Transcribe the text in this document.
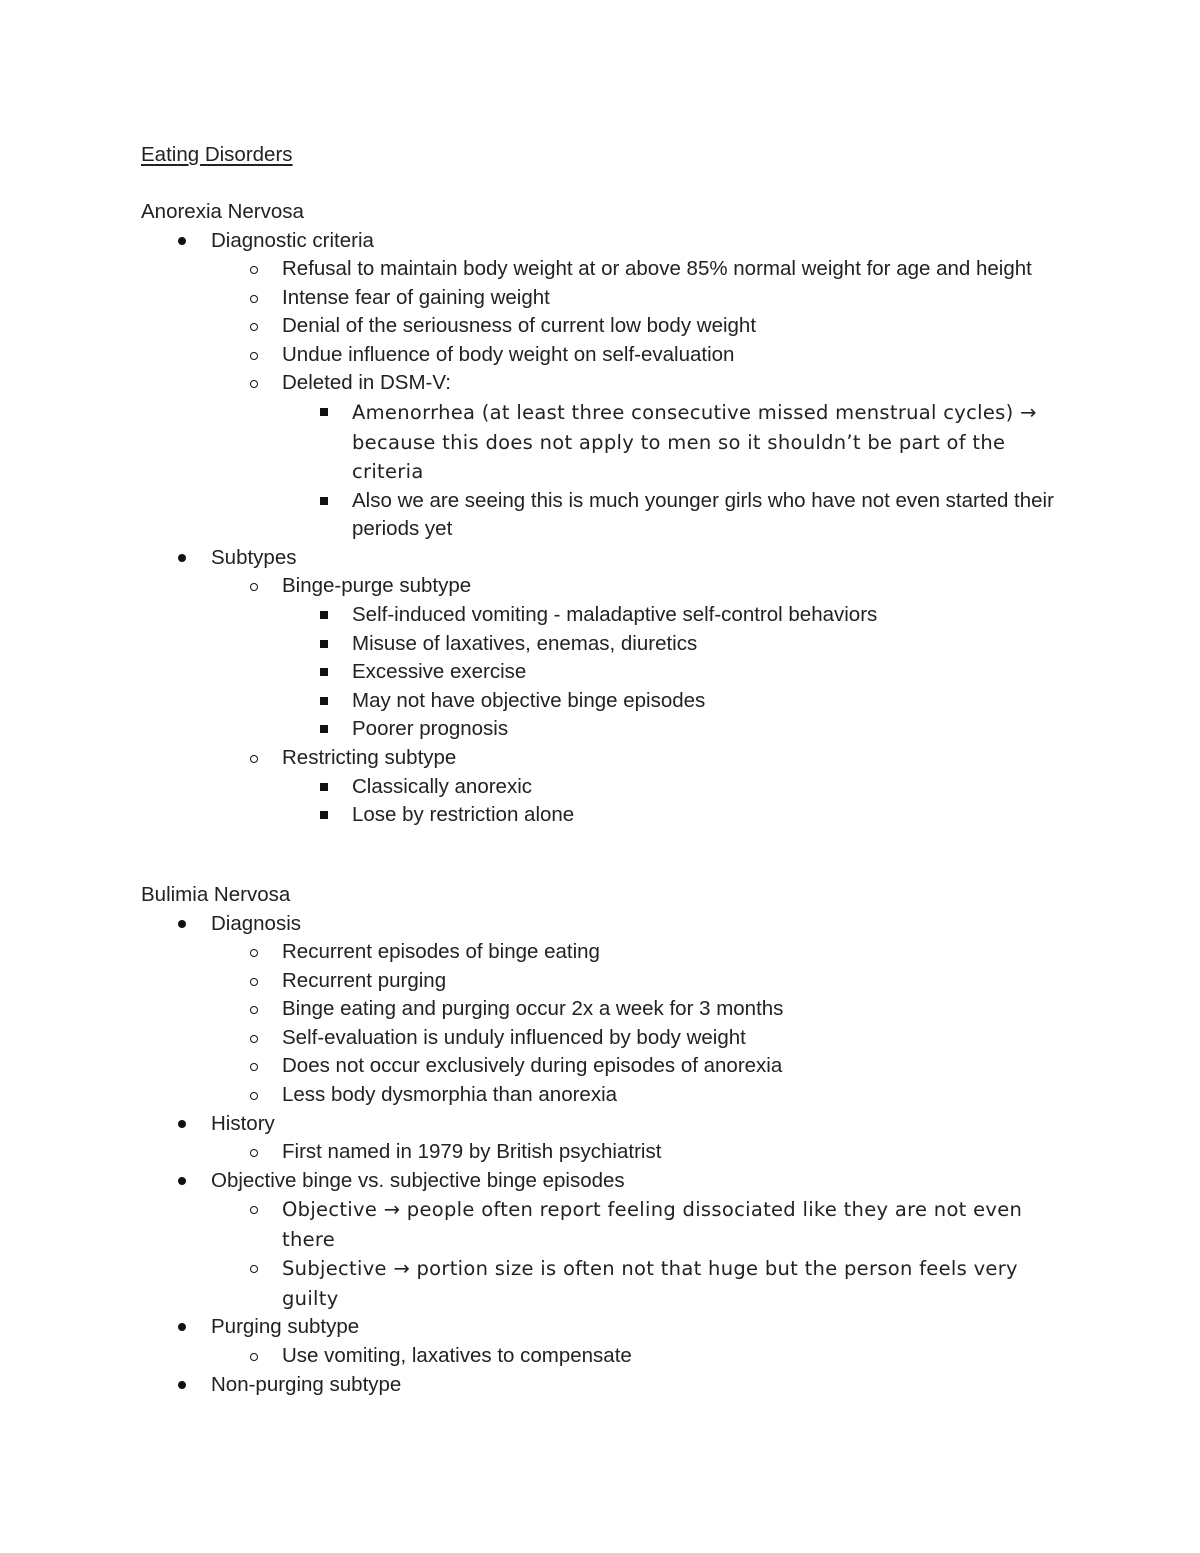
Eating Disorders
Anorexia Nervosa
Diagnostic criteria
Refusal to maintain body weight at or above 85% normal weight for age and height
Intense fear of gaining weight
Denial of the seriousness of current low body weight
Undue influence of body weight on self-evaluation
Deleted in DSM-V:
Amenorrhea (at least three consecutive missed menstrual cycles) → because this does not apply to men so it shouldn’t be part of the criteria
Also we are seeing this is much younger girls who have not even started their periods yet
Subtypes
Binge-purge subtype
Self-induced vomiting - maladaptive self-control behaviors
Misuse of laxatives, enemas, diuretics
Excessive exercise
May not have objective binge episodes
Poorer prognosis
Restricting subtype
Classically anorexic
Lose by restriction alone
Bulimia Nervosa
Diagnosis
Recurrent episodes of binge eating
Recurrent purging
Binge eating and purging occur 2x a week for 3 months
Self-evaluation is unduly influenced by body weight
Does not occur exclusively during episodes of anorexia
Less body dysmorphia than anorexia
History
First named in 1979 by British psychiatrist
Objective binge vs. subjective binge episodes
Objective → people often report feeling dissociated like they are not even there
Subjective → portion size is often not that huge but the person feels very guilty
Purging subtype
Use vomiting, laxatives to compensate
Non-purging subtype
